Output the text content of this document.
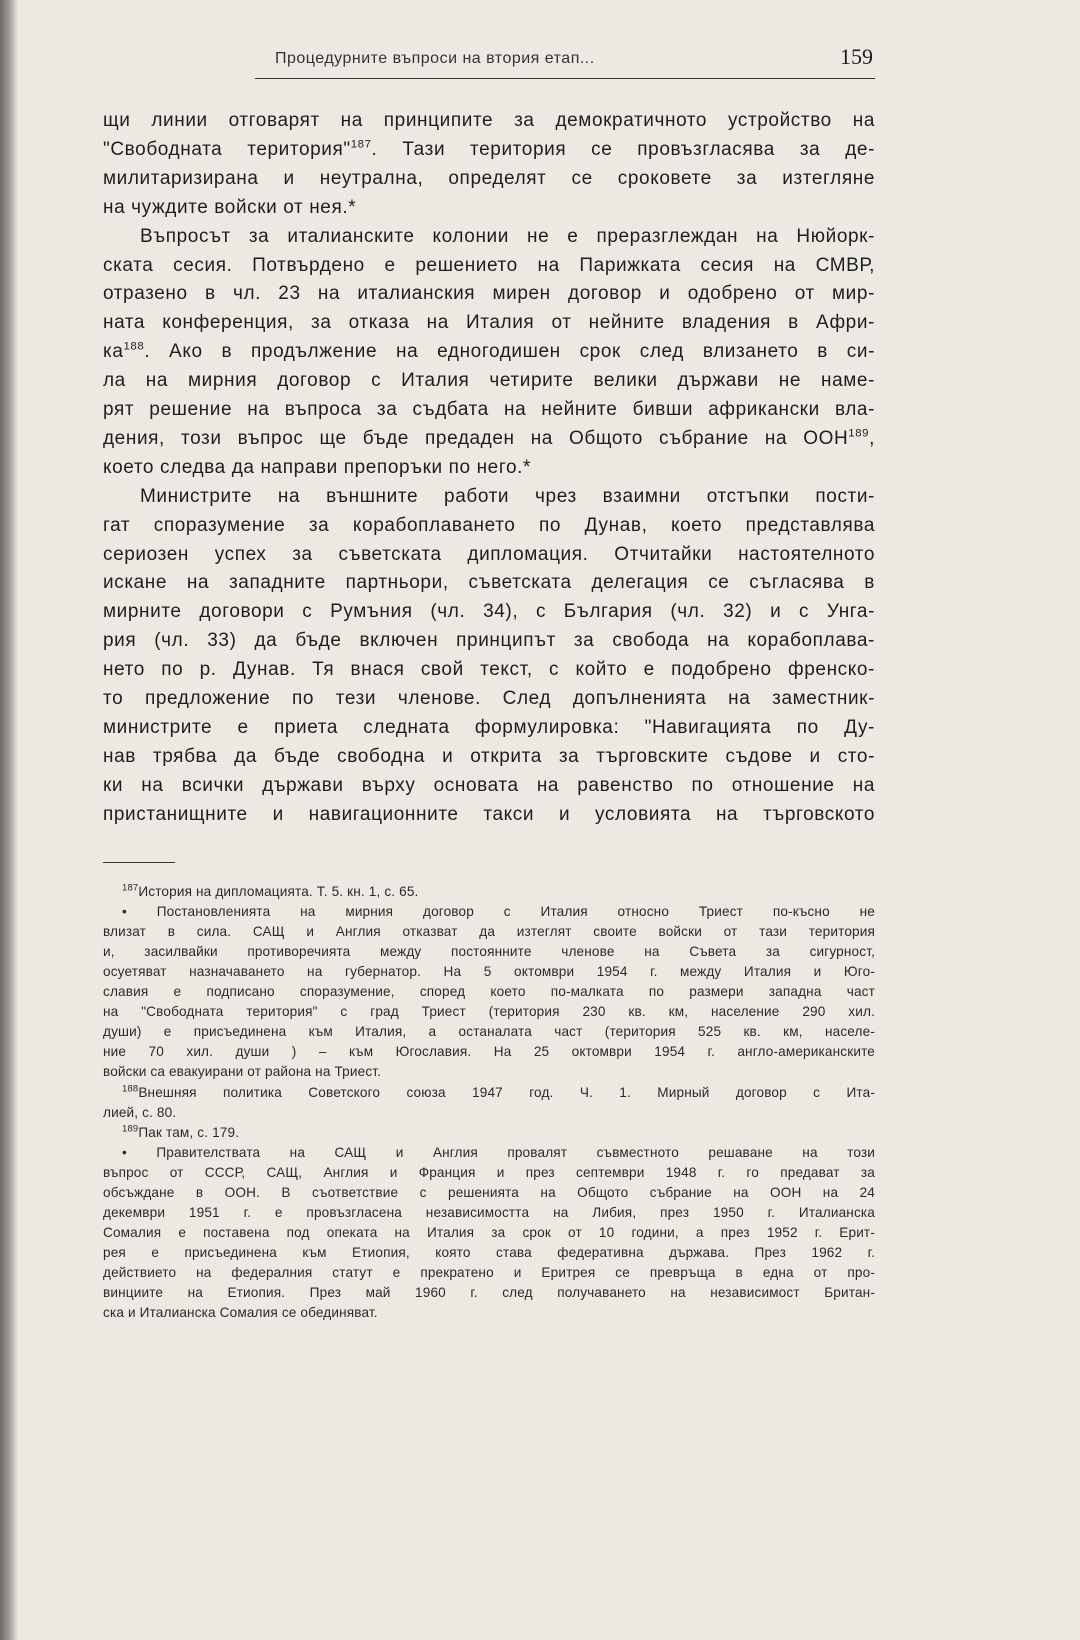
Процедурните въпроси на втория етап...	159
щи линии отговарят на принципите за демократичното устройство на
"Свободната територия"$^{187}$. Тази територия се провъзгласява за де-
милитаризирана и неутрална, определят се сроковете за изтегляне
на чуждите войски от нея.*
Въпросът за италианските колонии не е преразглеждан на Нюйорк-
ската сесия. Потвърдено е решението на Парижката сесия на СМВР,
отразено в чл. 23 на италианския мирен договор и одобрено от мир-
ната конференция, за отказа на Италия от нейните владения в Афри-
$ка^{188}$. Ако в продължение на едногодишен срок след влизането в си-
ла на мирния договор с Италия четирите велики държави не наме-
рят решение на въпроса за съдбата на нейните бивши африкански вла-
дения, този въпрос ще бъде предаден на Общото събрание на ООН$^{189}$,
което следва да направи препоръки по него.*
Министрите на външните работи чрез взаимни отстъпки пости-
гат споразумение за корабоплаването по Дунав, което представлява
сериозен успех за съветската дипломация. Отчитайки настоятелното
искане на западните партньори, съветската делегация се съгласява в
мирните договори с Румъния (чл. 34), с България (чл. 32) и с Унга-
рия (чл. 33) да бъде включен принципът за свобода на корабоплава-
нето по р. Дунав. Тя внася свой текст, с който е подобрено френско-
то предложение по тези членове. След допълненията на заместник-
министрите е приета следната формулировка: "Навигацията по Ду-
нав трябва да бъде свободна и открита за търговските съдове и сто-
ки на всички държави върху основата на равенство по отношение на
пристанищните и навигационните такси и условията на търговското
$^{187}$История на дипломацията. Т. 5. кн. 1, с. 65.
• Постановленията на мирния договор с Италия относно Триест по-късно не
влизат в сила. САЩ и Англия отказват да изтеглят своите войски от тази територия
и, засилвайки противоречията между постоянните членове на Съвета за сигурност,
осуетяват назначаването на губернатор. На 5 октомври 1954 г. между Италия и Юго-
славия е подписано споразумение, според което по-малката по размери западна част
на "Свободната територия" с град Триест (територия 230 кв. км, население 290 хил.
души) е присъединена към Италия, а останалата част (територия 525 кв. км, населе-
ние 70 хил. души ) – към Югославия. На 25 октомври 1954 г. англо-американските
войски са евакуирани от района на Триест.
$^{188}$Внешняя политика Советского союза 1947 год. Ч. 1. Мирный договор с Ита-
лией, с. 80.
$^{189}$Пак там, с. 179.
• Правителствата на САЩ и Англия провалят съвместното решаване на този
въпрос от СССР, САЩ, Англия и Франция и през септември 1948 г. го предават за
обсъждане в ООН. В съответствие с решенията на Общото събрание на ООН на 24
декември 1951 г. е провъзгласена независимостта на Либия, през 1950 г. Италианска
Сомалия е поставена под опеката на Италия за срок от 10 години, а през 1952 г. Ерит-
рея е присъединена към Етиопия, която става федеративна държава. През 1962 г.
действието на федералния статут е прекратено и Еритрея се превръща в една от про-
винциите на Етиопия. През май 1960 г. след получаването на независимост Британ-
ска и Италианска Сомалия се обединяват.
